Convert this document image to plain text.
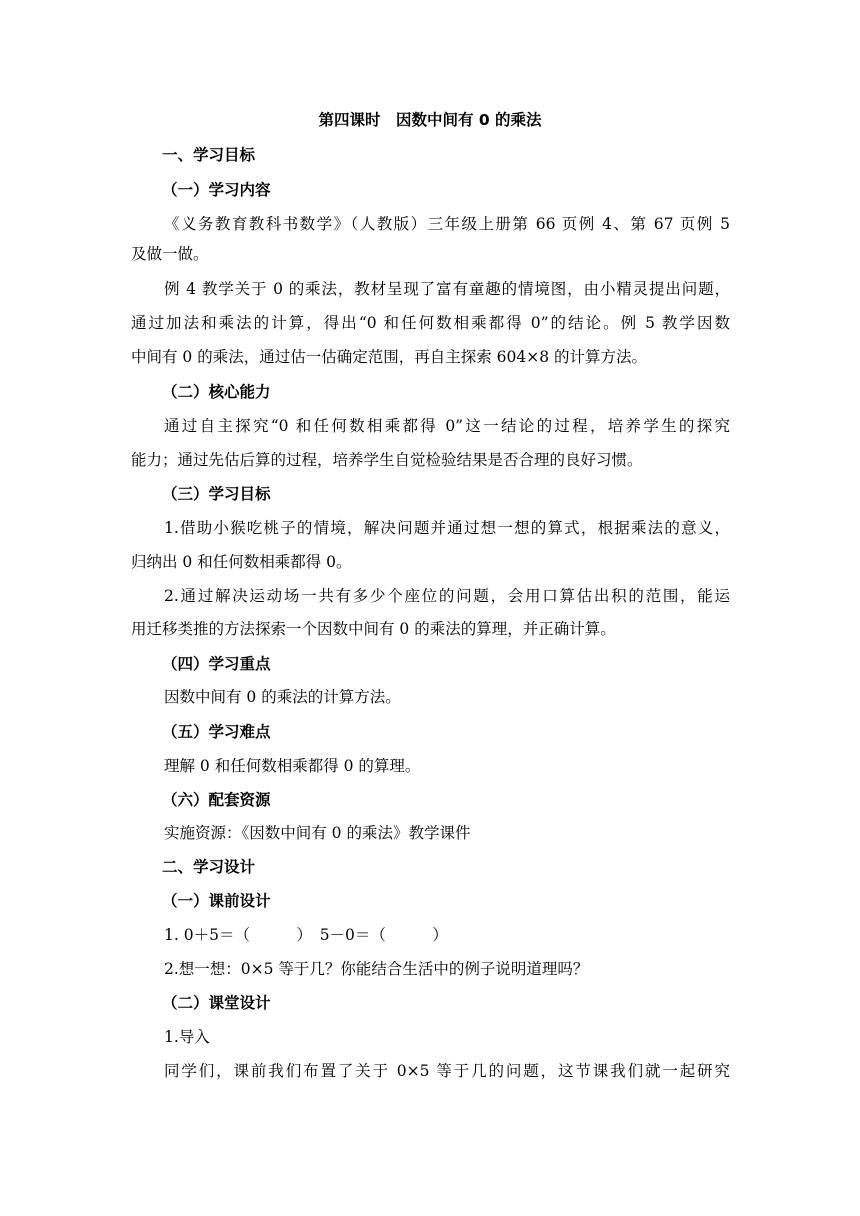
第四课时　因数中间有 0 的乘法
一、学习目标
（一）学习内容
《义务教育教科书数学》（人教版）三年级上册第 66 页例 4、第 67 页例 5
及做一做。
例 4 教学关于 0 的乘法，教材呈现了富有童趣的情境图，由小精灵提出问题，
通过加法和乘法的计算，得出“0 和任何数相乘都得 0”的结论。例 5 教学因数
中间有 0 的乘法，通过估一估确定范围，再自主探索 604×8 的计算方法。
（二）核心能力
通过自主探究“0 和任何数相乘都得 0”这一结论的过程，培养学生的探究
能力；通过先估后算的过程，培养学生自觉检验结果是否合理的良好习惯。
（三）学习目标
1.借助小猴吃桃子的情境，解决问题并通过想一想的算式，根据乘法的意义，
归纳出 0 和任何数相乘都得 0。
2.通过解决运动场一共有多少个座位的问题，会用口算估出积的范围，能运
用迁移类推的方法探索一个因数中间有 0 的乘法的算理，并正确计算。
（四）学习重点
因数中间有 0 的乘法的计算方法。
（五）学习难点
理解 0 和任何数相乘都得 0 的算理。
（六）配套资源
实施资源：《因数中间有 0 的乘法》教学课件
二、学习设计
（一）课前设计
1. 0＋5＝（　　　）　5－0＝（　　　）
2.想一想：0×5 等于几？你能结合生活中的例子说明道理吗？
（二）课堂设计
1.导入
同学们，课前我们布置了关于 0×5 等于几的问题，这节课我们就一起研究
